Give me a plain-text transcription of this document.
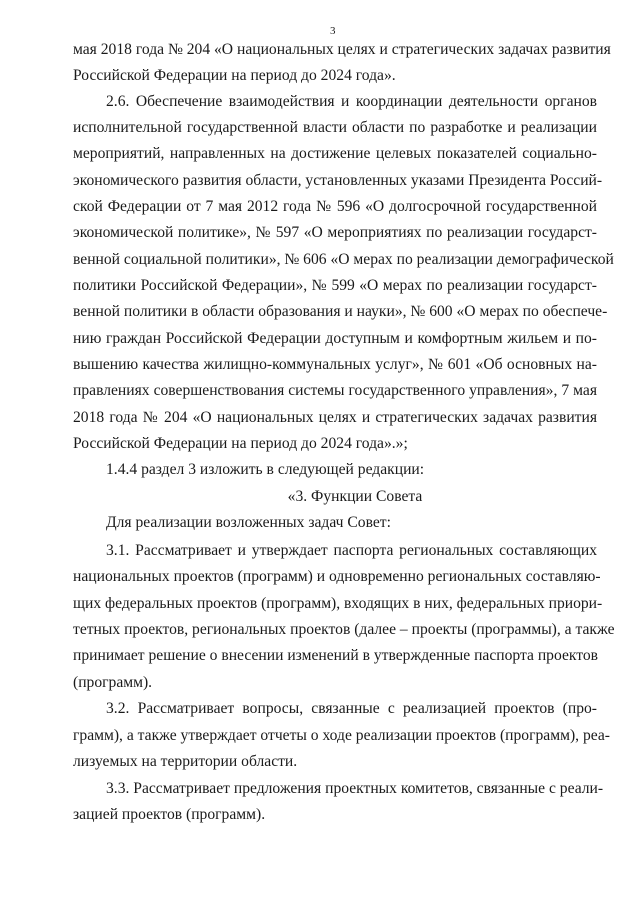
3
мая 2018 года № 204 «О национальных целях и стратегических задачах развития
Российской Федерации на период до 2024 года».
2.6. Обеспечение взаимодействия и координации деятельности органов
исполнительной государственной власти области по разработке и реализации
мероприятий, направленных на достижение целевых показателей социально-
экономического развития области, установленных указами Президента Россий-
ской Федерации от 7 мая 2012 года № 596 «О долгосрочной государственной
экономической политике», № 597 «О мероприятиях по реализации государст-
венной социальной политики», № 606 «О мерах по реализации демографической
политики Российской Федерации», № 599 «О мерах по реализации государст-
венной политики в области образования и науки», № 600 «О мерах по обеспече-
нию граждан Российской Федерации доступным и комфортным жильем и по-
вышению качества жилищно-коммунальных услуг», № 601 «Об основных на-
правлениях совершенствования системы государственного управления», 7 мая
2018 года № 204 «О национальных целях и стратегических задачах развития
Российской Федерации на период до 2024 года».»;
1.4.4 раздел 3 изложить в следующей редакции:
«3. Функции Совета
Для реализации возложенных задач Совет:
3.1. Рассматривает и утверждает паспорта региональных составляющих
национальных проектов (программ) и одновременно региональных составляю-
щих федеральных проектов (программ), входящих в них, федеральных приори-
тетных проектов, региональных проектов (далее – проекты (программы), а также
принимает решение о внесении изменений в утвержденные паспорта проектов
(программ).
3.2. Рассматривает вопросы, связанные с реализацией проектов (про-
грамм), а также утверждает отчеты о ходе реализации проектов (программ), реа-
лизуемых на территории области.
3.3. Рассматривает предложения проектных комитетов, связанные с реали-
зацией проектов (программ).
